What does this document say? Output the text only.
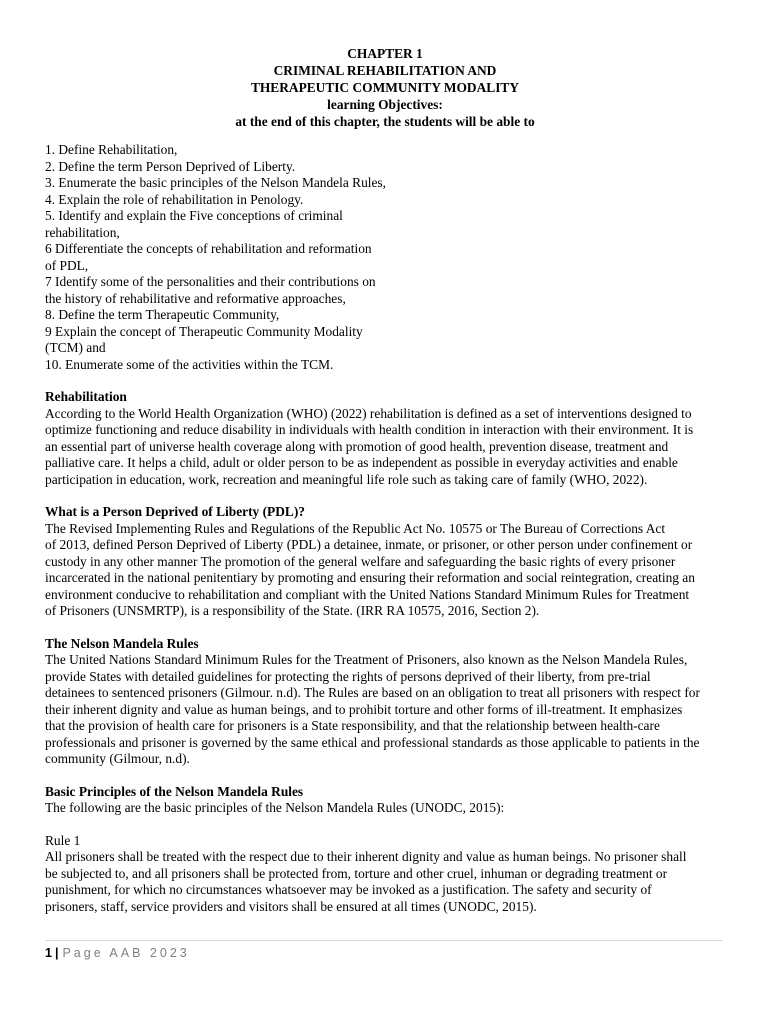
CHAPTER 1
CRIMINAL REHABILITATION AND
THERAPEUTIC COMMUNITY MODALITY
learning Objectives:
at the end of this chapter, the students will be able to
1. Define Rehabilitation,
2. Define the term Person Deprived of Liberty.
3. Enumerate the basic principles of the Nelson Mandela Rules,
4. Explain the role of rehabilitation in Penology.
5. Identify and explain the Five conceptions of criminal
rehabilitation,
6 Differentiate the concepts of rehabilitation and reformation
of PDL,
7 Identify some of the personalities and their contributions on
the history of rehabilitative and reformative approaches,
8. Define the term Therapeutic Community,
9 Explain the concept of Therapeutic Community Modality
(TCM) and
10. Enumerate some of the activities within the TCM.
Rehabilitation
According to the World Health Organization (WHO) (2022) rehabilitation is defined as a set of interventions designed to
optimize functioning and reduce disability in individuals with health condition in interaction with their environment. It is
an essential part of universe health coverage along with promotion of good health, prevention disease, treatment and
palliative care. It helps a child, adult or older person to be as independent as possible in everyday activities and enable
participation in education, work, recreation and meaningful life role such as taking care of family (WHO, 2022).
What is a Person Deprived of Liberty (PDL)?
The Revised Implementing Rules and Regulations of the Republic Act No. 10575 or The Bureau of Corrections Act
of 2013, defined Person Deprived of Liberty (PDL) a detainee, inmate, or prisoner, or other person under confinement or
custody in any other manner The promotion of the general welfare and safeguarding the basic rights of every prisoner
incarcerated in the national penitentiary by promoting and ensuring their reformation and social reintegration, creating an
environment conducive to rehabilitation and compliant with the United Nations Standard Minimum Rules for Treatment
of Prisoners (UNSMRTP), is a responsibility of the State. (IRR RA 10575, 2016, Section 2).
The Nelson Mandela Rules
The United Nations Standard Minimum Rules for the Treatment of Prisoners, also known as the Nelson Mandela Rules,
provide States with detailed guidelines for protecting the rights of persons deprived of their liberty, from pre-trial
detainees to sentenced prisoners (Gilmour. n.d). The Rules are based on an obligation to treat all prisoners with respect for
their inherent dignity and value as human beings, and to prohibit torture and other forms of ill-treatment. It emphasizes
that the provision of health care for prisoners is a State responsibility, and that the relationship between health-care
professionals and prisoner is governed by the same ethical and professional standards as those applicable to patients in the
community (Gilmour, n.d).
Basic Principles of the Nelson Mandela Rules
The following are the basic principles of the Nelson Mandela Rules (UNODC, 2015):
Rule 1
All prisoners shall be treated with the respect due to their inherent dignity and value as human beings. No prisoner shall
be subjected to, and all prisoners shall be protected from, torture and other cruel, inhuman or degrading treatment or
punishment, for which no circumstances whatsoever may be invoked as a justification. The safety and security of
prisoners, staff, service providers and visitors shall be ensured at all times (UNODC, 2015).
1 | Page AAB 2023
